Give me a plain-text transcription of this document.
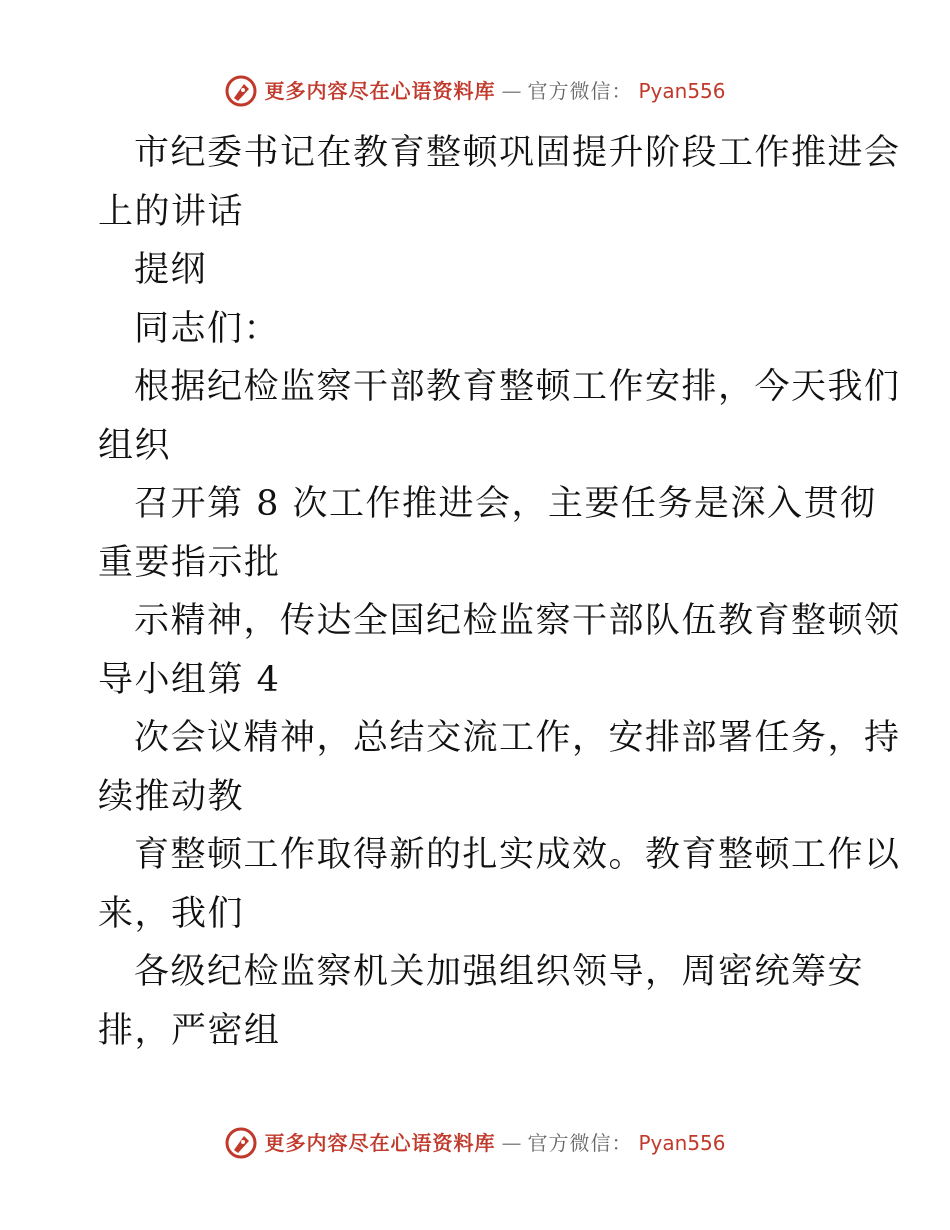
更多内容尽在心语资料库 — 官方微信： Pyan556
市纪委书记在教育整顿巩固提升阶段工作推进会
上的讲话
提纲
同志们：
根据纪检监察干部教育整顿工作安排，今天我们
组织
召开第 8 次工作推进会，主要任务是深入贯彻
重要指示批
示精神，传达全国纪检监察干部队伍教育整顿领
导小组第 4
次会议精神，总结交流工作，安排部署任务，持
续推动教
育整顿工作取得新的扎实成效。教育整顿工作以
来，我们
各级纪检监察机关加强组织领导，周密统筹安
排，严密组
更多内容尽在心语资料库 — 官方微信： Pyan556
